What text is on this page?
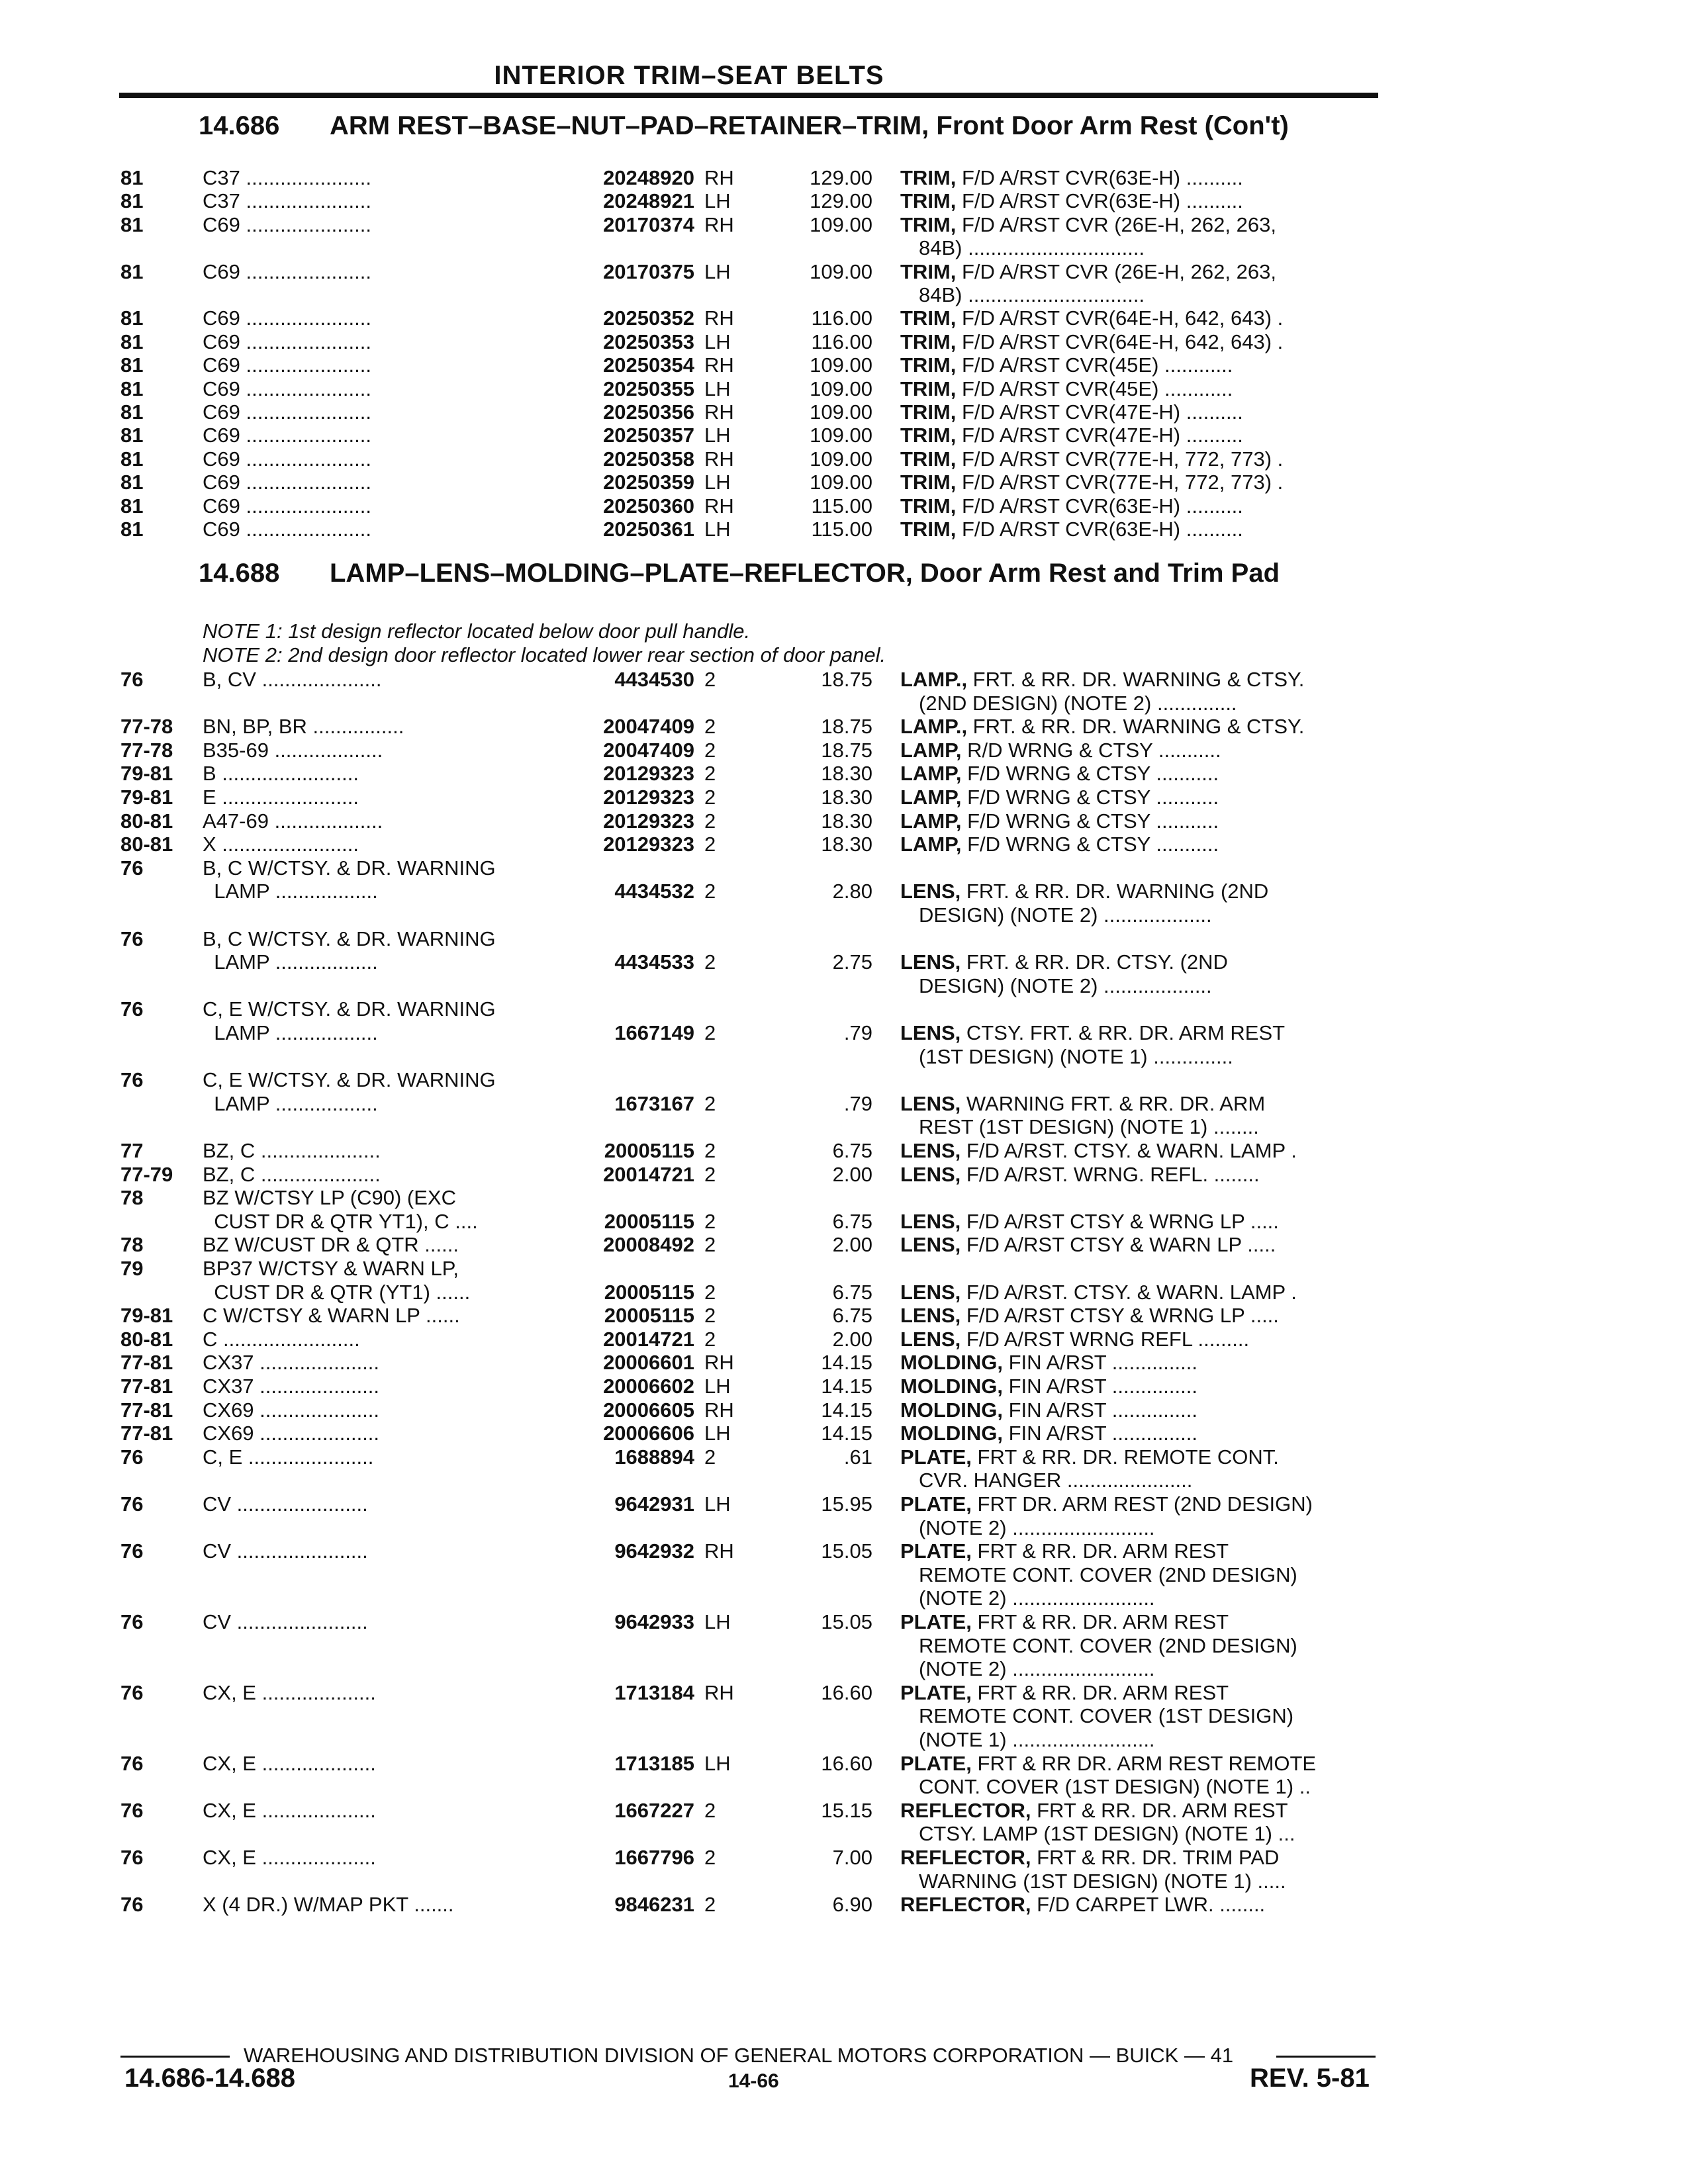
INTERIOR TRIM–SEAT BELTS
14.686 ARM REST–BASE–NUT–PAD–RETAINER–TRIM, Front Door Arm Rest (Con't)
81	C37 ......................	20248920 RH	129.00 TRIM, F/D A/RST CVR(63E-H) ..........
81	C37 ......................	20248921 LH	129.00 TRIM, F/D A/RST CVR(63E-H) ..........
81	C69 ......................	20170374 RH	109.00 TRIM, F/D A/RST CVR (26E-H, 262, 263,
84B) ...............................
81	C69 ......................	20170375 LH	109.00 TRIM, F/D A/RST CVR (26E-H, 262, 263,
84B) ...............................
81	C69 ......................	20250352 RH	116.00 TRIM, F/D A/RST CVR(64E-H, 642, 643) .
81	C69 ......................	20250353 LH	116.00 TRIM, F/D A/RST CVR(64E-H, 642, 643) .
81	C69 ......................	20250354 RH	109.00 TRIM, F/D A/RST CVR(45E) ............
81	C69 ......................	20250355 LH	109.00 TRIM, F/D A/RST CVR(45E) ............
81	C69 ......................	20250356 RH	109.00 TRIM, F/D A/RST CVR(47E-H) ..........
81	C69 ......................	20250357 LH	109.00 TRIM, F/D A/RST CVR(47E-H) ..........
81	C69 ......................	20250358 RH	109.00 TRIM, F/D A/RST CVR(77E-H, 772, 773) .
81	C69 ......................	20250359 LH	109.00 TRIM, F/D A/RST CVR(77E-H, 772, 773) .
81	C69 ......................	20250360 RH	115.00 TRIM, F/D A/RST CVR(63E-H) ..........
81	C69 ......................	20250361 LH	115.00 TRIM, F/D A/RST CVR(63E-H) ..........
14.688 LAMP–LENS–MOLDING–PLATE–REFLECTOR, Door Arm Rest and Trim Pad
NOTE 1: 1st design reflector located below door pull handle.
NOTE 2: 2nd design door reflector located lower rear section of door panel.
76	B, CV .....................	4434530 2	18.75 LAMP., FRT. & RR. DR. WARNING & CTSY.
(2ND DESIGN) (NOTE 2) ..............
77-78	BN, BP, BR ................	20047409 2	18.75 LAMP., FRT. & RR. DR. WARNING & CTSY.
77-78	B35-69 ...................	20047409 2	18.75 LAMP, R/D WRNG & CTSY ...........
79-81	B ........................	20129323 2	18.30 LAMP, F/D WRNG & CTSY ...........
79-81	E ........................	20129323 2	18.30 LAMP, F/D WRNG & CTSY ...........
80-81	A47-69 ...................	20129323 2	18.30 LAMP, F/D WRNG & CTSY ...........
80-81	X ........................	20129323 2	18.30 LAMP, F/D WRNG & CTSY ...........
76	B, C W/CTSY. & DR. WARNING
LAMP ..................	4434532 2	2.80 LENS, FRT. & RR. DR. WARNING (2ND
DESIGN) (NOTE 2) ...................
76	B, C W/CTSY. & DR. WARNING
LAMP ..................	4434533 2	2.75 LENS, FRT. & RR. DR. CTSY. (2ND
DESIGN) (NOTE 2) ...................
76	C, E W/CTSY. & DR. WARNING
LAMP ..................	1667149 2	.79 LENS, CTSY. FRT. & RR. DR. ARM REST
(1ST DESIGN) (NOTE 1) ..............
76	C, E W/CTSY. & DR. WARNING
LAMP ..................	1673167 2	.79 LENS, WARNING FRT. & RR. DR. ARM
REST (1ST DESIGN) (NOTE 1) ........
77	BZ, C .....................	20005115 2	6.75 LENS, F/D A/RST. CTSY. & WARN. LAMP .
77-79	BZ, C .....................	20014721 2	2.00 LENS, F/D A/RST. WRNG. REFL. ........
78	BZ W/CTSY LP (C90) (EXC
CUST DR & QTR YT1), C ....	20005115 2	6.75 LENS, F/D A/RST CTSY & WRNG LP .....
78	BZ W/CUST DR & QTR ......	20008492 2	2.00 LENS, F/D A/RST CTSY & WARN LP .....
79	BP37 W/CTSY & WARN LP,
CUST DR & QTR (YT1) ......	20005115 2	6.75 LENS, F/D A/RST. CTSY. & WARN. LAMP .
79-81	C W/CTSY & WARN LP ......	20005115 2	6.75 LENS, F/D A/RST CTSY & WRNG LP .....
80-81	C ........................	20014721 2	2.00 LENS, F/D A/RST WRNG REFL .........
77-81	CX37 .....................	20006601 RH	14.15 MOLDING, FIN A/RST ...............
77-81	CX37 .....................	20006602 LH	14.15 MOLDING, FIN A/RST ...............
77-81	CX69 .....................	20006605 RH	14.15 MOLDING, FIN A/RST ...............
77-81	CX69 .....................	20006606 LH	14.15 MOLDING, FIN A/RST ...............
76	C, E ......................	1688894 2	.61 PLATE, FRT & RR. DR. REMOTE CONT.
CVR. HANGER ......................
76	CV .......................	9642931 LH	15.95 PLATE, FRT DR. ARM REST (2ND DESIGN)
(NOTE 2) .........................
76	CV .......................	9642932 RH	15.05 PLATE, FRT & RR. DR. ARM REST
REMOTE CONT. COVER (2ND DESIGN)
(NOTE 2) .........................
76	CV .......................	9642933 LH	15.05 PLATE, FRT & RR. DR. ARM REST
REMOTE CONT. COVER (2ND DESIGN)
(NOTE 2) .........................
76	CX, E ....................	1713184 RH	16.60 PLATE, FRT & RR. DR. ARM REST
REMOTE CONT. COVER (1ST DESIGN)
(NOTE 1) .........................
76	CX, E ....................	1713185 LH	16.60 PLATE, FRT & RR DR. ARM REST REMOTE
CONT. COVER (1ST DESIGN) (NOTE 1) ..
76	CX, E ....................	1667227 2	15.15 REFLECTOR, FRT & RR. DR. ARM REST
CTSY. LAMP (1ST DESIGN) (NOTE 1) ...
76	CX, E ....................	1667796 2	7.00 REFLECTOR, FRT & RR. DR. TRIM PAD
WARNING (1ST DESIGN) (NOTE 1) .....
76	X (4 DR.) W/MAP PKT .......	9846231 2	6.90 REFLECTOR, F/D CARPET LWR. ........
WAREHOUSING AND DISTRIBUTION DIVISION OF GENERAL MOTORS CORPORATION — BUICK — 41
14.686-14.688	14-66	REV. 5-81
